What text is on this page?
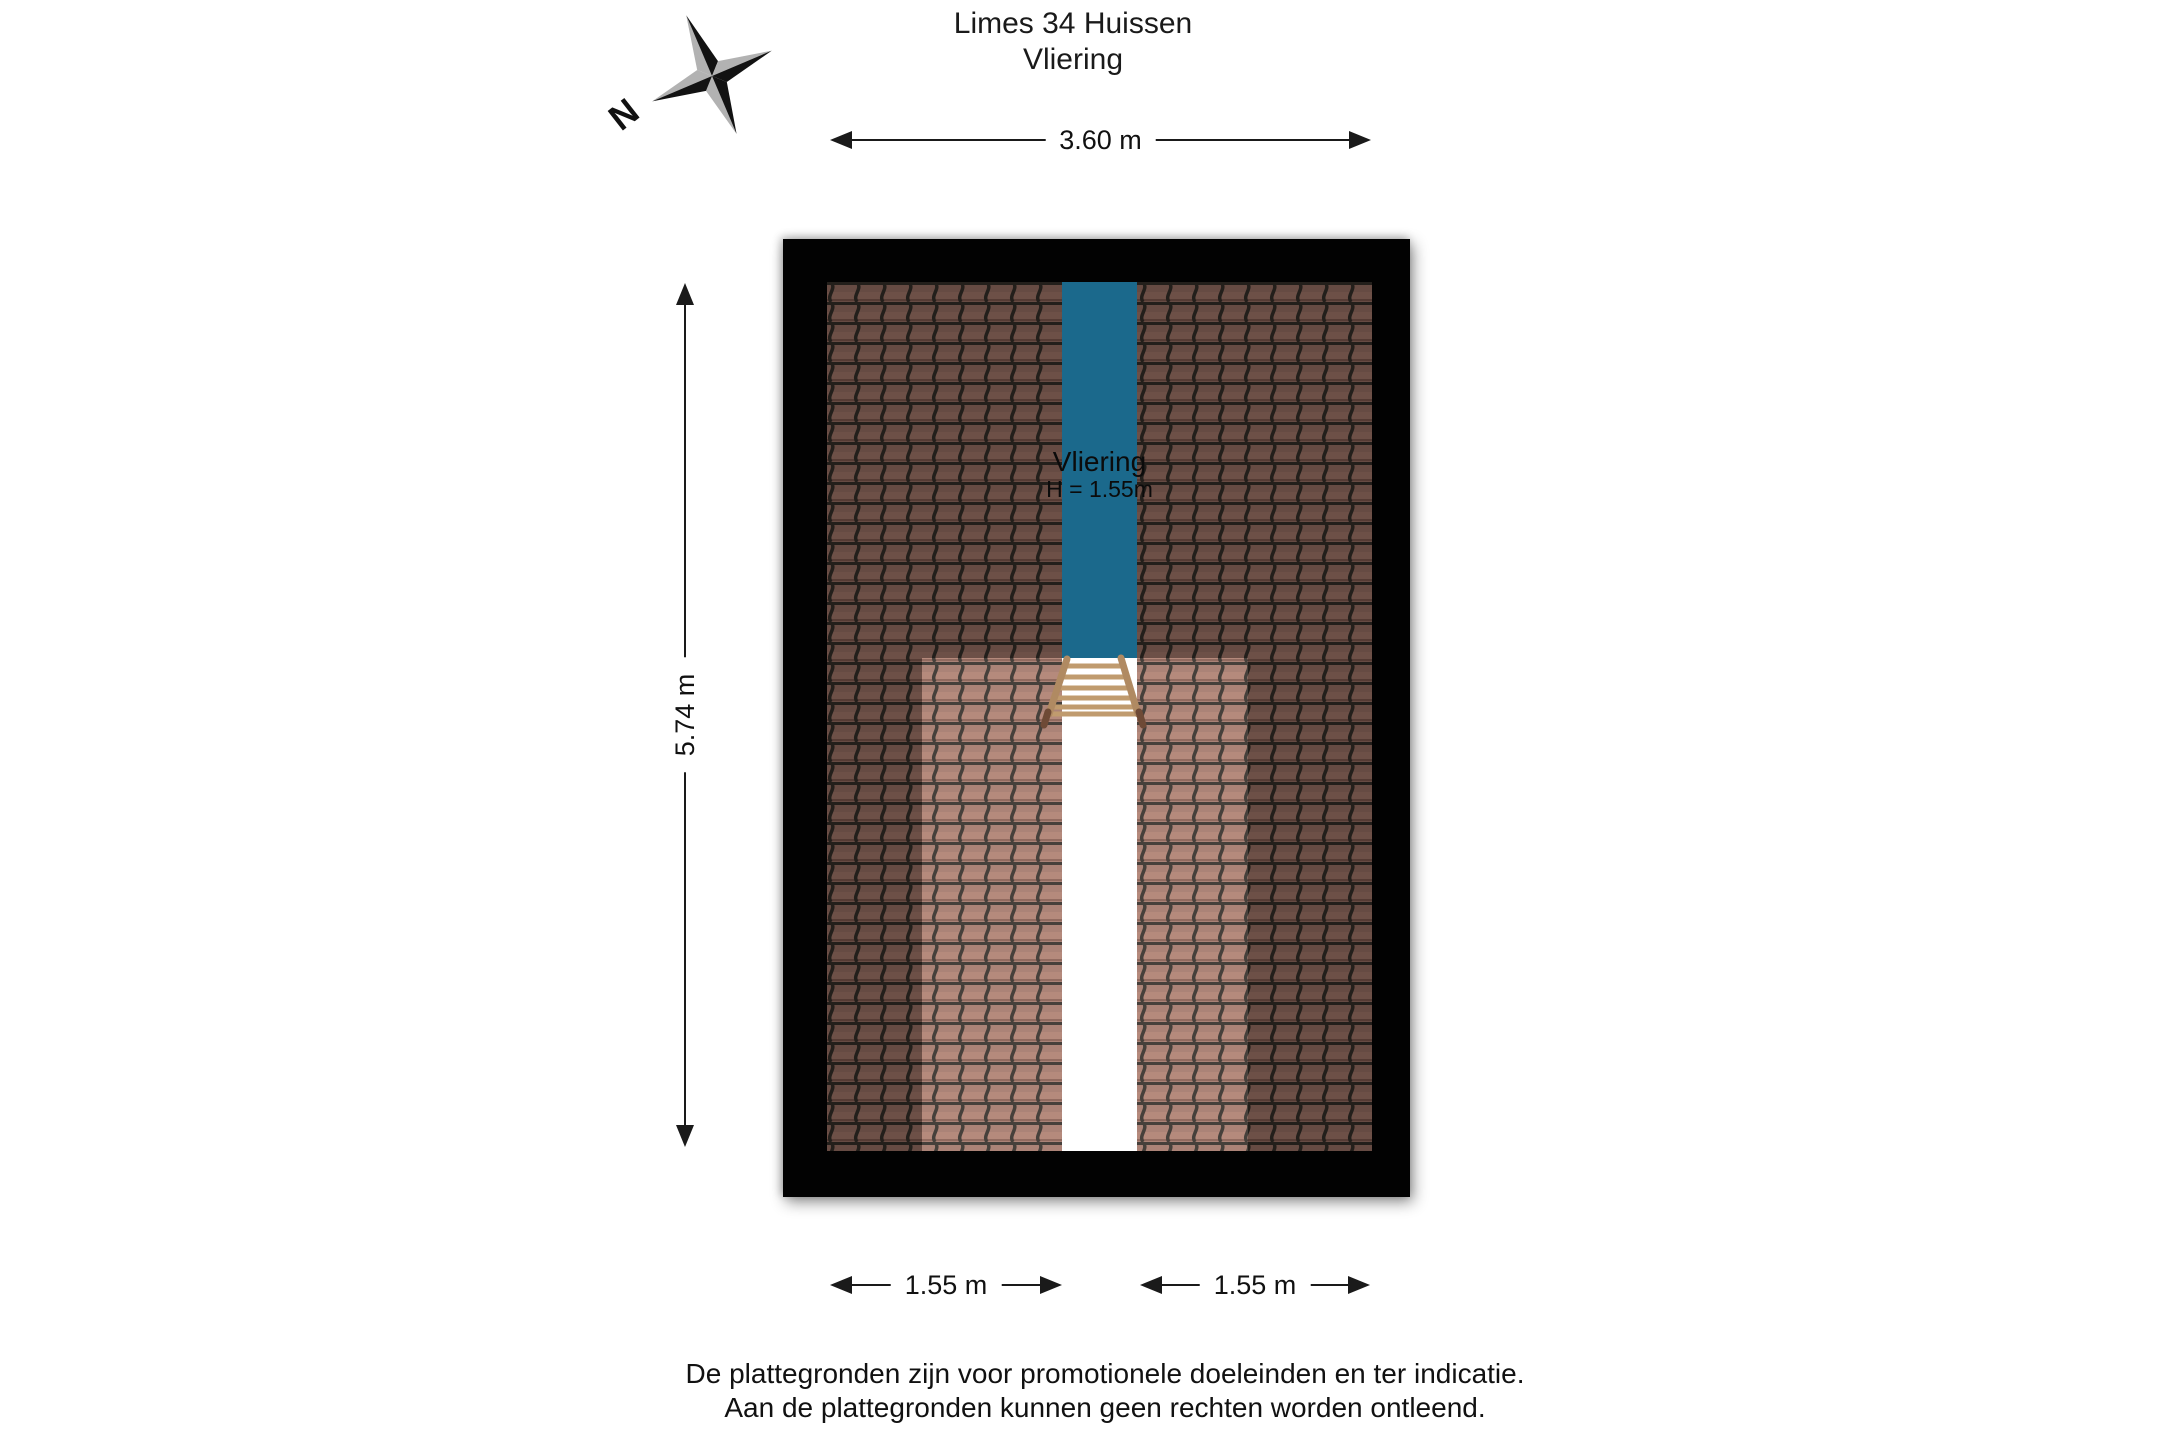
N
Limes 34 Huissen
Vliering
3.60 m
5.74 m
Vliering
H = 1.55m
1.55 m	1.55 m
De plattegronden zijn voor promotionele doeleinden en ter indicatie.
Aan de plattegronden kunnen geen rechten worden ontleend.
